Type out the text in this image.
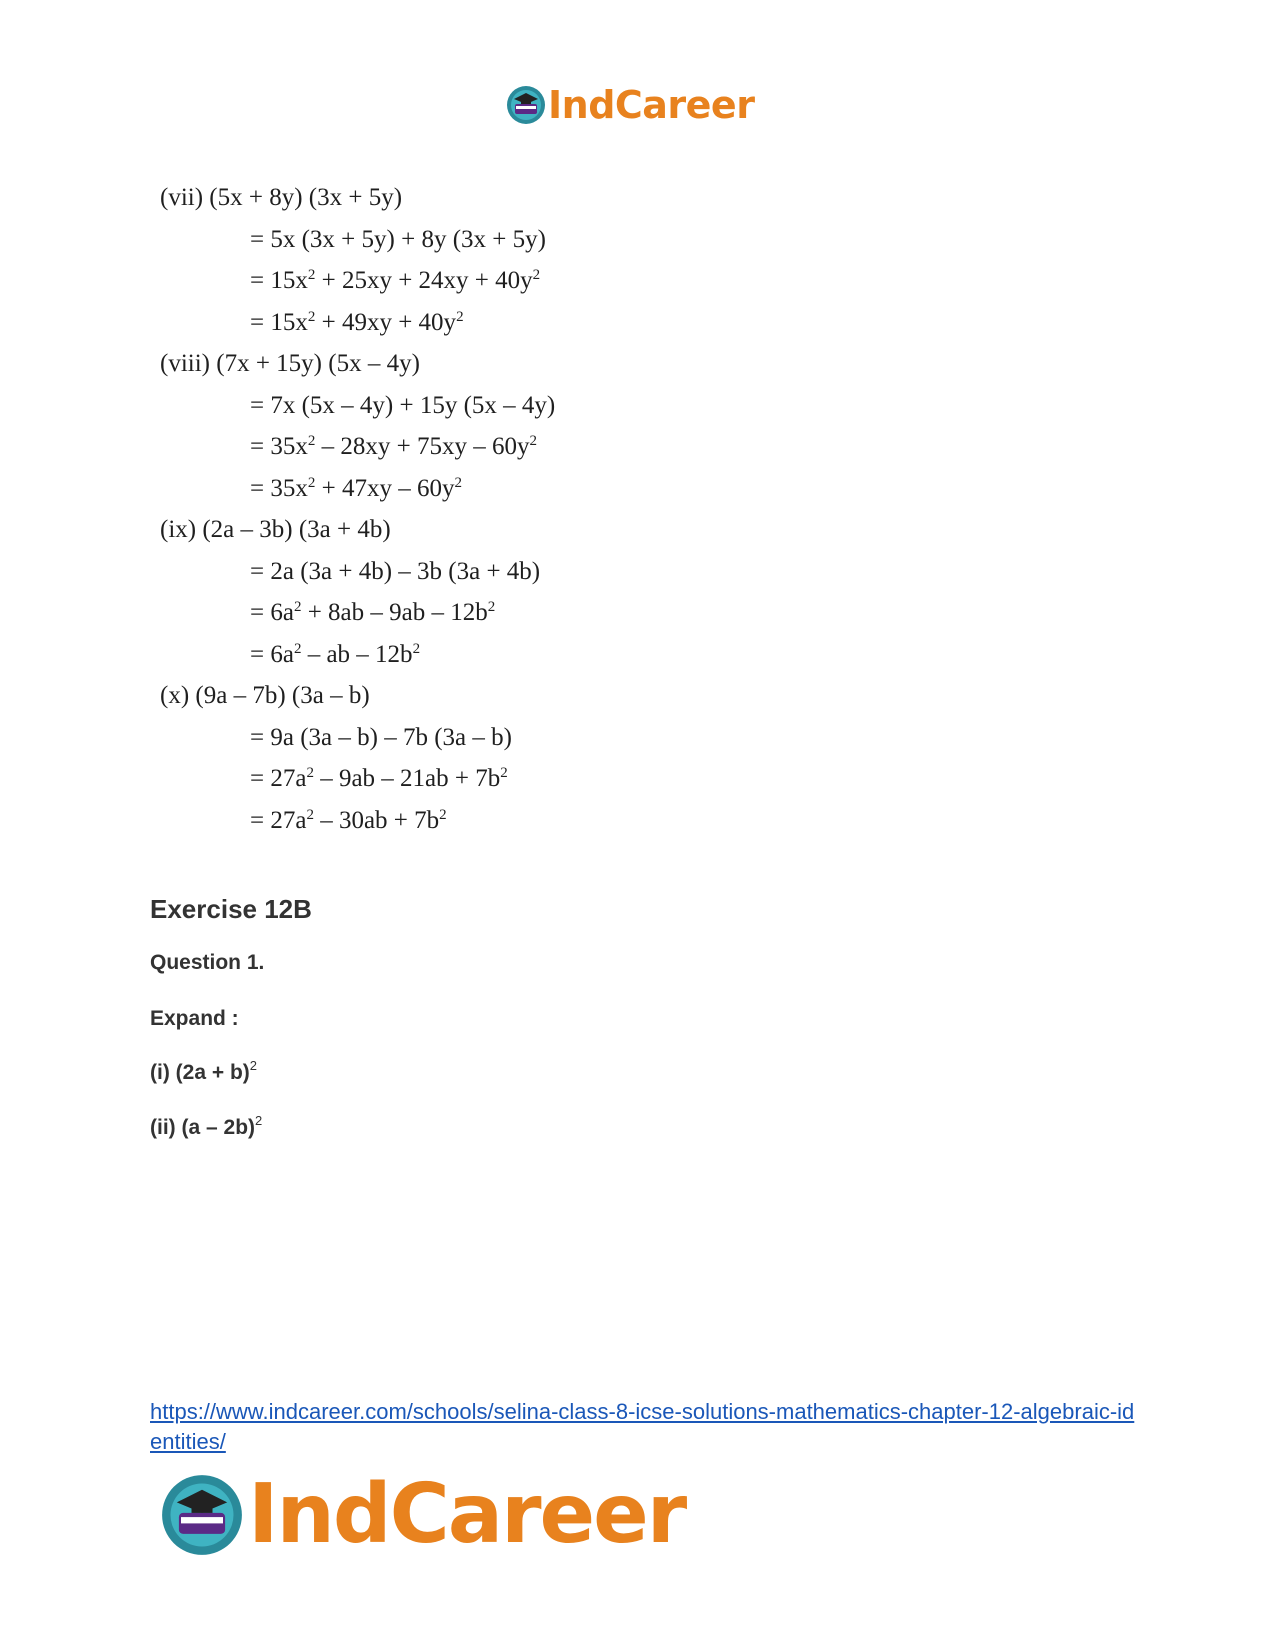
IndCareer
(vii) (5x + 8y) (3x + 5y)
= 5x (3x + 5y) + 8y (3x + 5y)
= $15x^2 + 25xy + 24xy + 40y^2$
= $15x^2 + 49xy + 40y^2$
(viii) (7x + 15y) (5x – 4y)
= 7x (5x – 4y) + 15y (5x – 4y)
= $35x^2 - 28xy + 75xy - 60y^2$
= $35x^2 + 47xy - 60y^2$
(ix) (2a – 3b) (3a + 4b)
= 2a (3a + 4b) – 3b (3a + 4b)
= $6a^2 + 8ab - 9ab - 12b^2$
= $6a^2$ – ab – $12b^2$
(x) (9a – 7b) (3a – b)
= 9a (3a – b) – 7b (3a – b)
= $27a^2 - 9ab - 21ab + 7b^2$
= $27a^2 - 30ab + 7b^2$
Exercise 12B
Question 1.
Expand :
(i) $(2a + b)^2$
(ii) (a – 2b)$^2$
https://www.indcareer.com/schools/selina-class-8-icse-solutions-mathematics-chapter-12-algebraic-identities/
IndCareer
